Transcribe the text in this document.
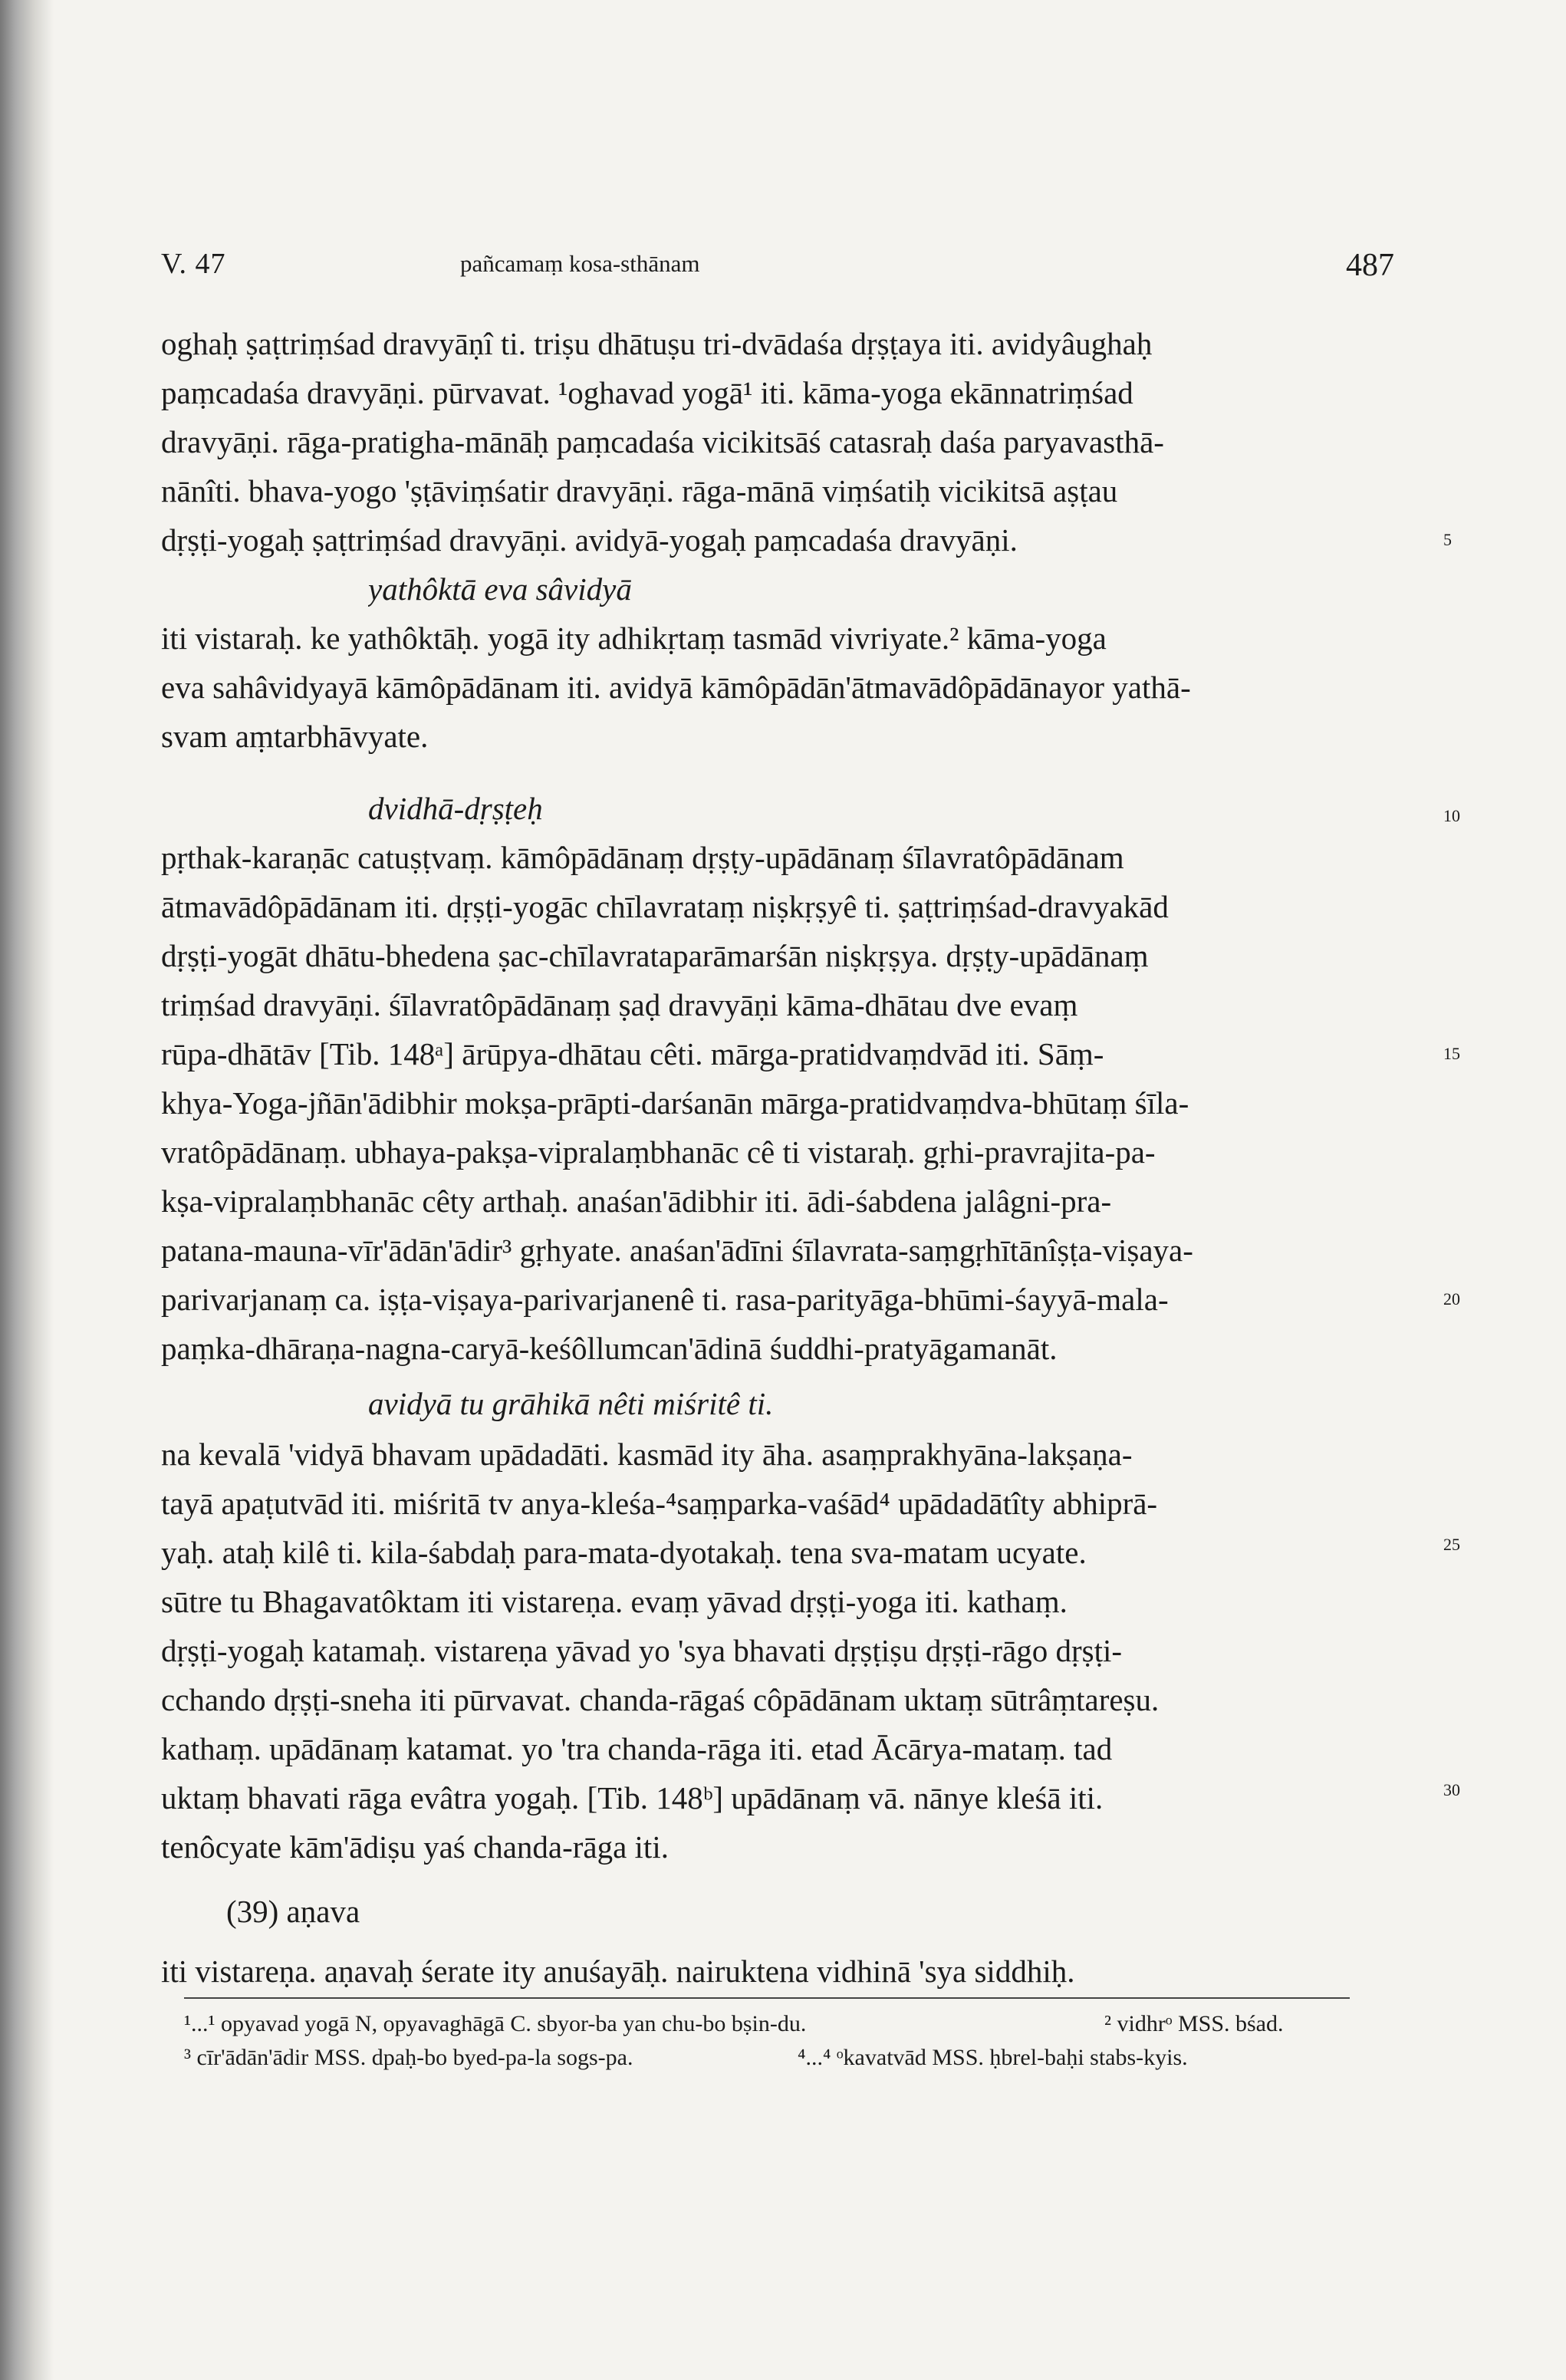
V. 47	pañcamaṃ kosa-sthānam	487
oghaḥ ṣaṭtriṃśad dravyāṇî ti. triṣu dhātuṣu tri-dvādaśa dṛṣṭaya iti. avidyâughaḥ
paṃcadaśa dravyāṇi. pūrvavat. ¹oghavad yogā¹ iti. kāma-yoga ekānnatriṃśad
dravyāṇi. rāga-pratigha-mānāḥ paṃcadaśa vicikitsāś catasraḥ daśa paryavasthā-
nānîti. bhava-yogo 'ṣṭāviṃśatir dravyāṇi. rāga-mānā viṃśatiḥ vicikitsā aṣṭau
dṛṣṭi-yogaḥ ṣaṭtriṃśad dravyāṇi. avidyā-yogaḥ paṃcadaśa dravyāṇi.
yathôktā eva sâvidyā
iti vistaraḥ. ke yathôktāḥ. yogā ity adhikṛtaṃ tasmād vivriyate.² kāma-yoga
eva sahâvidyayā kāmôpādānam iti. avidyā kāmôpādān'ātmavādôpādānayor yathā-
svam aṃtarbhāvyate.
dvidhā-dṛṣṭeḥ
pṛthak-karaṇāc catuṣṭvaṃ. kāmôpādānaṃ dṛṣṭy-upādānaṃ śīlavratôpādānam
ātmavādôpādānam iti. dṛṣṭi-yogāc chīlavrataṃ niṣkṛṣyê ti. ṣaṭtriṃśad-dravyakād
dṛṣṭi-yogāt dhātu-bhedena ṣac-chīlavrataparāmarśān niṣkṛṣya. dṛṣṭy-upādānaṃ
triṃśad dravyāṇi. śīlavratôpādānaṃ ṣaḍ dravyāṇi kāma-dhātau dve evaṃ
rūpa-dhātāv [Tib. 148ᵃ] ārūpya-dhātau cêti. mārga-pratidvaṃdvād iti. Sāṃ-
khya-Yoga-jñān'ādibhir mokṣa-prāpti-darśanān mārga-pratidvaṃdva-bhūtaṃ śīla-
vratôpādānaṃ. ubhaya-pakṣa-vipralaṃbhanāc cê ti vistaraḥ. gṛhi-pravrajita-pa-
kṣa-vipralaṃbhanāc cêty arthaḥ. anaśan'ādibhir iti. ādi-śabdena jalâgni-pra-
patana-mauna-vīr'ādān'ādir³ gṛhyate. anaśan'ādīni śīlavrata-saṃgṛhītānîṣṭa-viṣaya-
parivarjanaṃ ca. iṣṭa-viṣaya-parivarjanenê ti. rasa-parityāga-bhūmi-śayyā-mala-
paṃka-dhāraṇa-nagna-caryā-keśôllumcan'ādinā śuddhi-pratyāgamanāt.
avidyā tu grāhikā nêti miśritê ti.
na kevalā 'vidyā bhavam upādadāti. kasmād ity āha. asaṃprakhyāna-lakṣaṇa-
tayā apaṭutvād iti. miśritā tv anya-kleśa-⁴saṃparka-vaśād⁴ upādadātîty abhiprā-
yaḥ. ataḥ kilê ti. kila-śabdaḥ para-mata-dyotakaḥ. tena sva-matam ucyate.
sūtre tu Bhagavatôktam iti vistareṇa. evaṃ yāvad dṛṣṭi-yoga iti. kathaṃ.
dṛṣṭi-yogaḥ katamaḥ. vistareṇa yāvad yo 'sya bhavati dṛṣṭiṣu dṛṣṭi-rāgo dṛṣṭi-
cchando dṛṣṭi-sneha iti pūrvavat. chanda-rāgaś côpādānam uktaṃ sūtrâṃtareṣu.
kathaṃ. upādānaṃ katamat. yo 'tra chanda-rāga iti. etad Ācārya-mataṃ. tad
uktaṃ bhavati rāga evâtra yogaḥ. [Tib. 148ᵇ] upādānaṃ vā. nānye kleśā iti.
tenôcyate kām'ādiṣu yaś chanda-rāga iti.
(39) aṇava
iti vistareṇa. aṇavaḥ śerate ity anuśayāḥ. nairuktena vidhinā 'sya siddhiḥ.
5
10
15
20
25
30
¹...¹ opyavad yogā N, opyavaghāgā C. sbyor-ba yan chu-bo bṣin-du.	² vidhrᵒ MSS. bśad.
³ cīr'ādān'ādir MSS. dpaḥ-bo byed-pa-la sogs-pa.	⁴...⁴ ᵒkavatvād MSS. ḥbrel-baḥi stabs-kyis.
